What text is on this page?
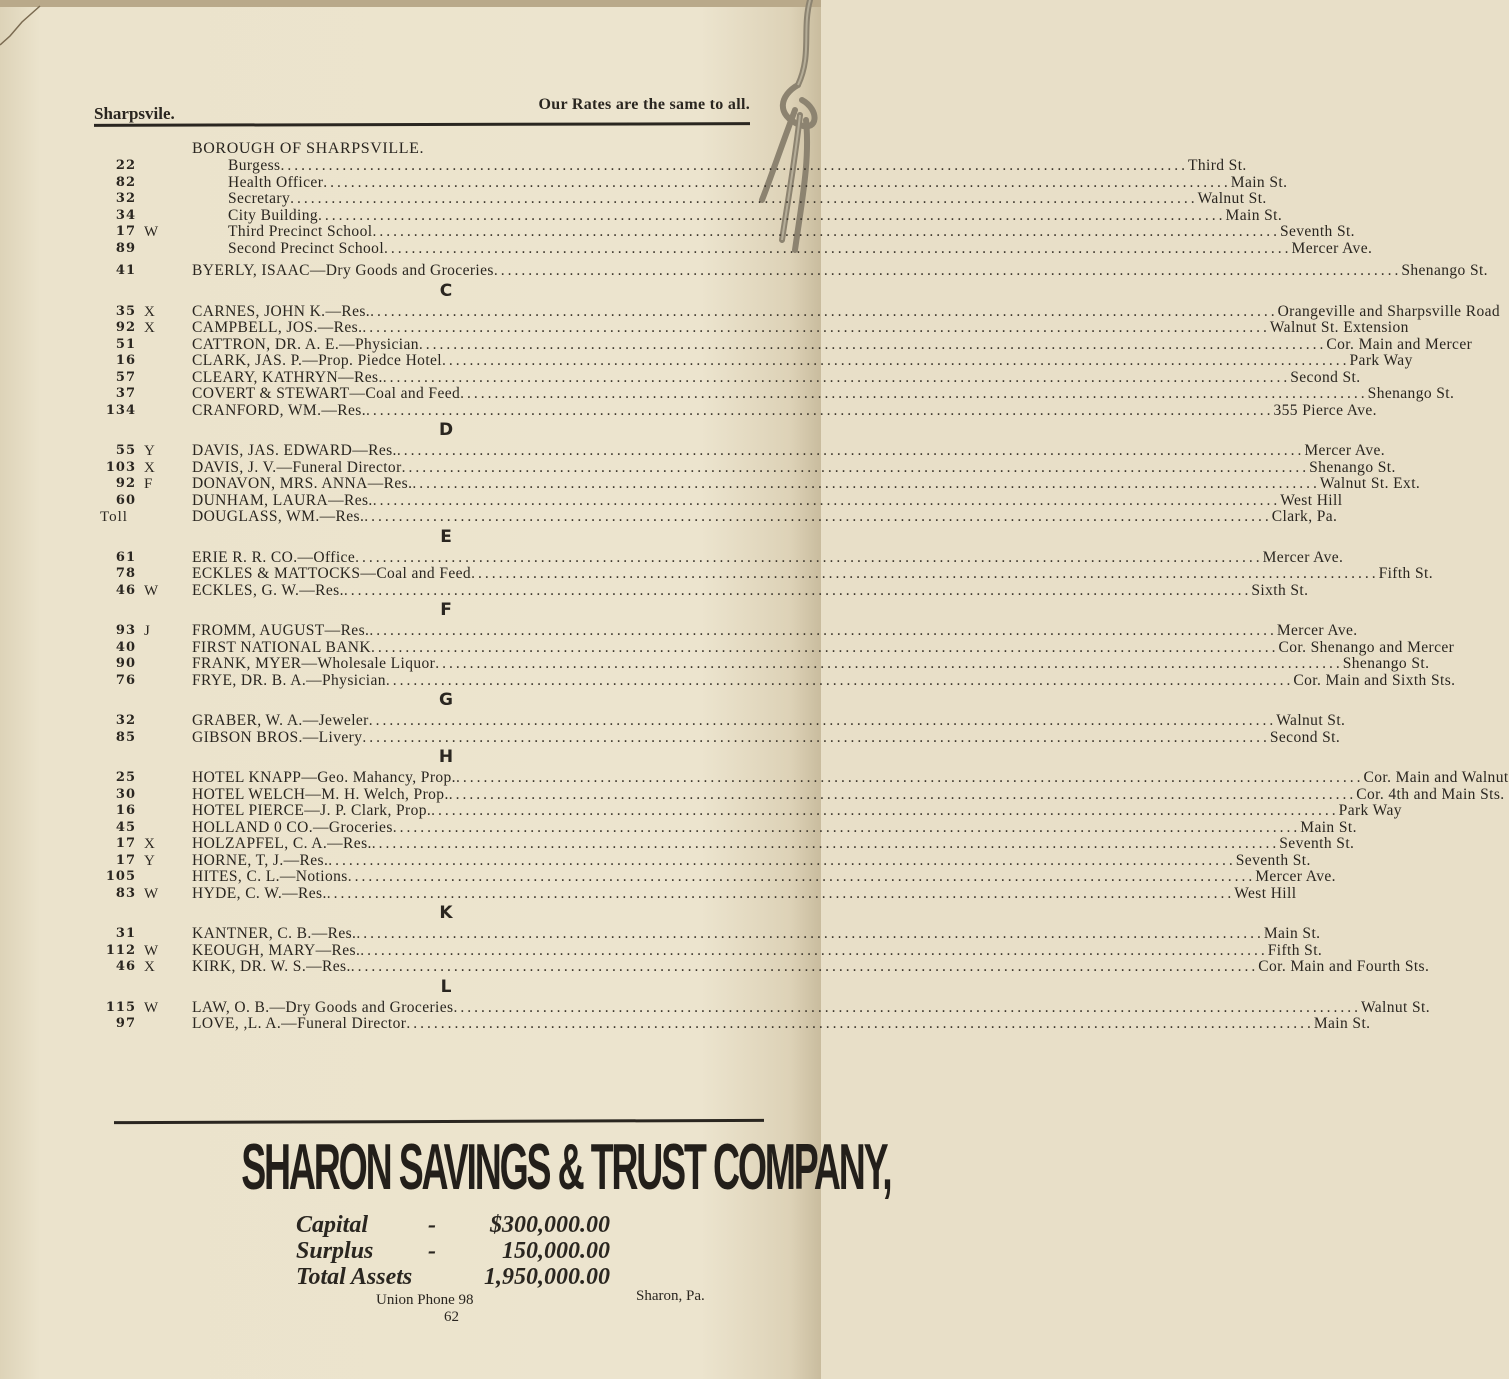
Sharpsvile.	Our Rates are the same to all.
BOROUGH OF SHARPSVILLE.
22	Burgess .....	Third St.
82	Health Officer .....	Main St.
32	Secretary .....	Walnut St.
34	City Building .....	Main St.
17 W	Third Precinct School .....	Seventh St.
89	Second Precinct School .....	Mercer Ave.
41	BYERLY, ISAAC—Dry Goods and Groceries .....	Shenango St.
C
35 X CARNES, JOHN K.—Res. .....	Orangeville and Sharpsville Road
92 X CAMPBELL, JOS.—Res. .....	Walnut St. Extension
51	CATTRON, DR. A. E.—Physician .....	Cor. Main and Mercer
16	CLARK, JAS. P.—Prop. Piedce Hotel .....	Park Way
57	CLEARY, KATHRYN—Res. .....	Second St.
37	COVERT & STEWART—Coal and Feed .....	Shenango St.
134	CRANFORD, WM.—Res. .....	355 Pierce Ave.
D
55 Y DAVIS, JAS. EDWARD—Res. .....	Mercer Ave.
103 X DAVIS, J. V.—Funeral Director .....	Shenango St.
92 F	DONAVON, MRS. ANNA—Res. .....	Walnut St. Ext.
60	DUNHAM, LAURA—Res. .....	West Hill
Toll	DOUGLASS, WM.—Res. .....	Clark, Pa.
E
61	ERIE R. R. CO.—Office .....	Mercer Ave.
78	ECKLES & MATTOCKS—Coal and Feed .....	Fifth St.
46 W ECKLES, G. W.—Res. .....	Sixth St.
F
93 J	FROMM, AUGUST—Res. .....	Mercer Ave.
40	FIRST NATIONAL BANK .....	Cor. Shenango and Mercer
90	FRANK, MYER—Wholesale Liquor .....	Shenango St.
76	FRYE, DR. B. A.—Physician .....	Cor. Main and Sixth Sts.
G
32	GRABER, W. A.—Jeweler .....	Walnut St.
85	GIBSON BROS.—Livery .....	Second St.
H
25	HOTEL KNAPP—Geo. Mahancy, Prop. .....	Cor. Main and Walnut
30	HOTEL WELCH—M. H. Welch, Prop. .....	Cor. 4th and Main Sts.
16	HOTEL PIERCE—J. P. Clark, Prop. .....	Park Way
45	HOLLAND 0 CO.—Groceries .....	Main St.
17 X HOLZAPFEL, C. A.—Res. .....	Seventh St.
17 Y HORNE, T, J.—Res. .....	Seventh St.
105	HITES, C. L.—Notions .....	Mercer Ave.
83 W HYDE, C. W.—Res. .....	West Hill
K
31	KANTNER, C. B.—Res. .....	Main St.
112 W KEOUGH, MARY—Res. .....	Fifth St.
46 X KIRK, DR. W. S.—Res. .....	Cor. Main and Fourth Sts.
L
115 W LAW, O. B.—Dry Goods and Groceries .....	Walnut St.
97	LOVE, ,L. A.—Funeral Director .....	Main St.
SHARON SAVINGS & TRUST COMPANY,
Capital - $300,000.00
Surplus -	150,000.00
Total Assets	1,950,000.00
Union Phone 98	Sharon, Pa.
62
